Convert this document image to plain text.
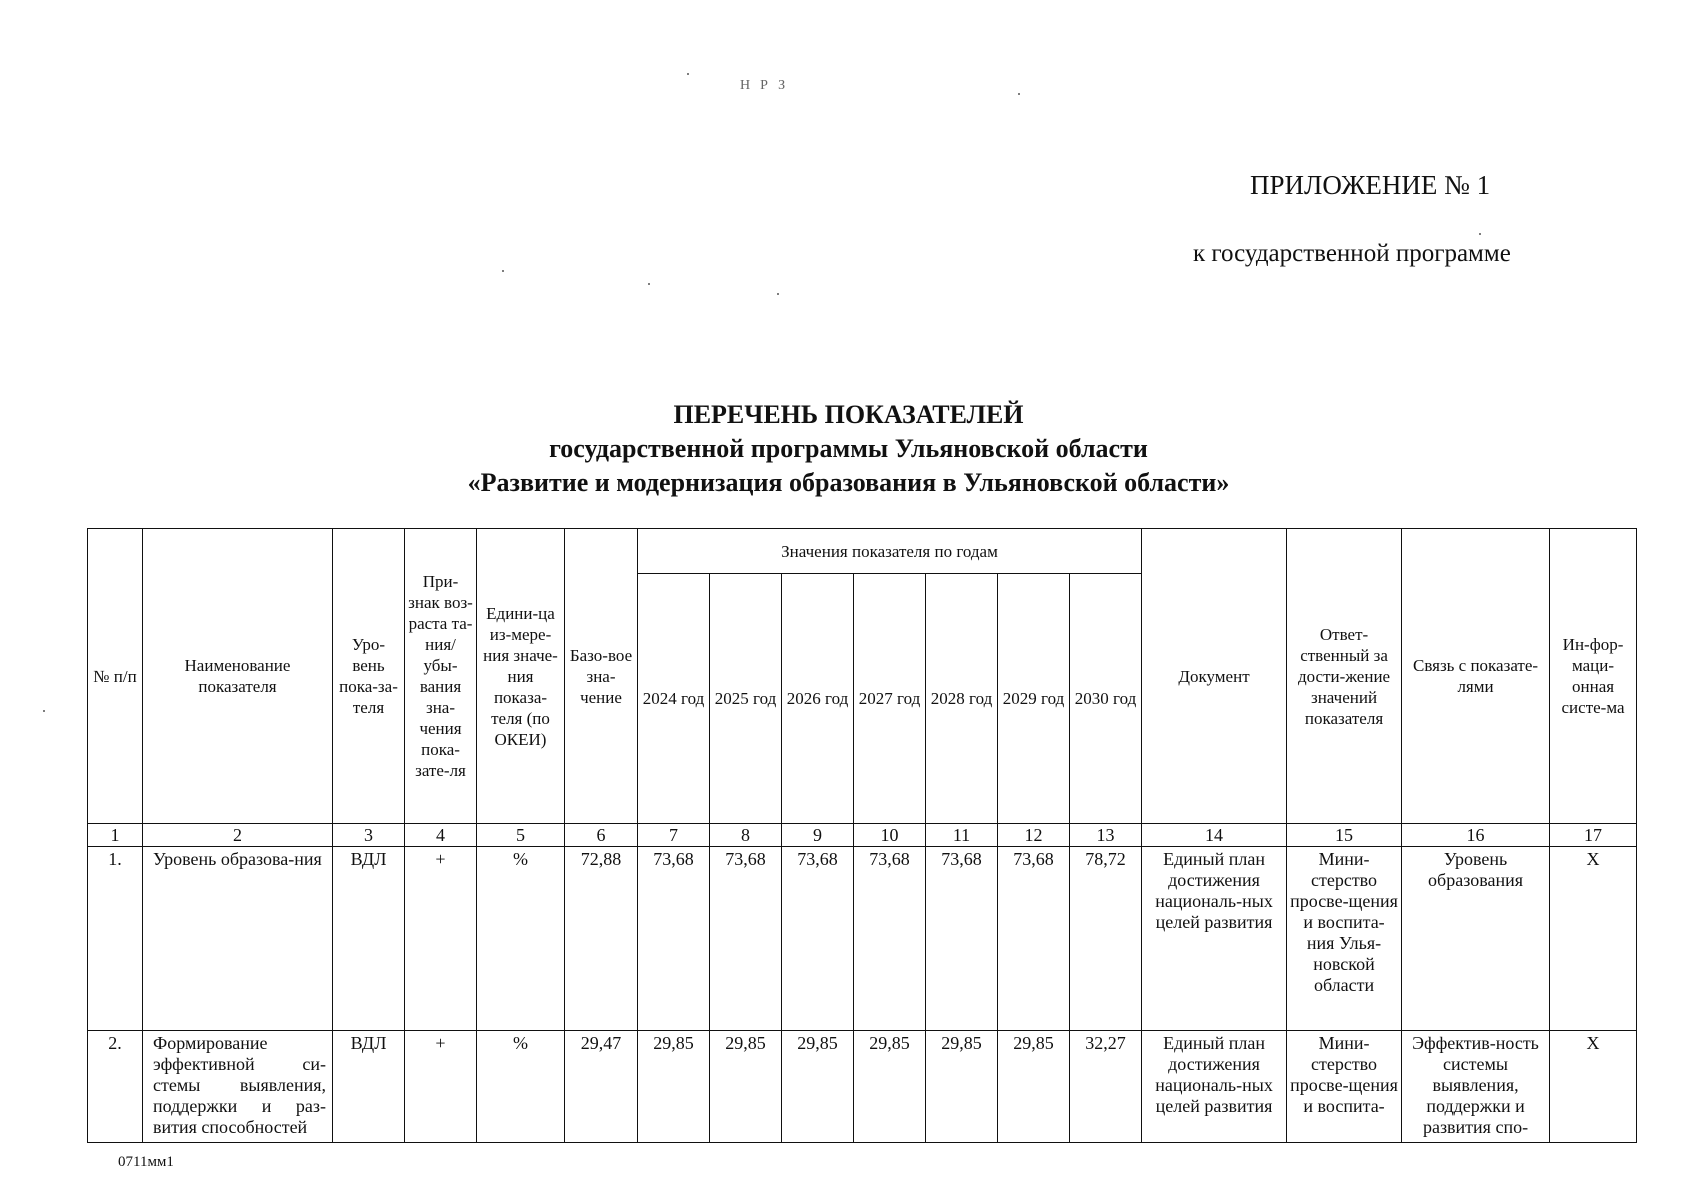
НРЗ
ПРИЛОЖЕНИЕ № 1
к государственной программе
ПЕРЕЧЕНЬ ПОКАЗАТЕЛЕЙ
государственной программы Ульяновской области
«Развитие и модернизация образования в Ульяновской области»
№ п/п	Наименование показателя	Уро-вень пока-за-теля	При-знак воз-раста та-ния/ убы-вания зна-чения пока-зате-ля	Едини-ца из-мере-ния значе-ния показа-теля (по ОКЕИ)	Базо-вое зна-чение	Значения показателя по годам							Документ	Ответ-ственный за дости-жение значений показателя	Связь с показате-лями	Ин-фор-маци-онная систе-ма
						2024 год	2025 год	2026 год	2027 год	2028 год	2029 год	2030 год				
1	2	3	4	5	6	7	8	9	10	11	12	13	14	15	16	17
1.	Уровень образова-ния	ВДЛ	+	%	72,88	73,68	73,68	73,68	73,68	73,68	73,68	78,72	Единый план достижения националь-ных целей развития	Мини-стерство просве-щения и воспита-ния Улья-новской области	Уровень образования	X
2.	Формирование эффективной си-стемы выявления, поддержки и раз-вития способностей	ВДЛ	+	%	29,47	29,85	29,85	29,85	29,85	29,85	29,85	32,27	Единый план достижения националь-ных целей развития	Мини-стерство просве-щения и воспита-	Эффектив-ность системы выявления, поддержки и развития спо-	X
0711мм1
